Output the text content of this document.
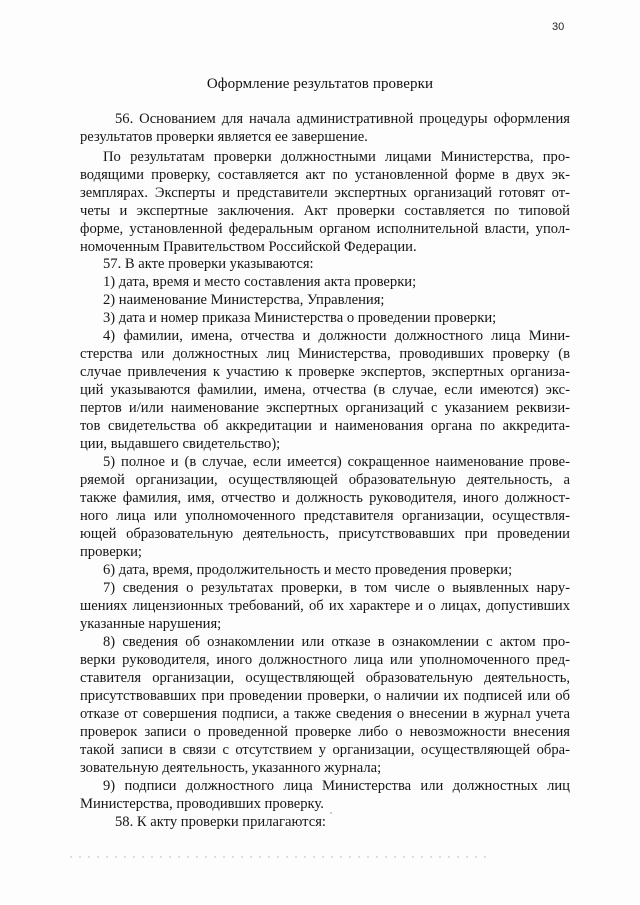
30
Оформление результатов проверки
56. Основанием для начала административной процедуры оформления
результатов проверки является ее завершение.
По результатам проверки должностными лицами Министерства, про-
водящими проверку, составляется акт по установленной форме в двух эк-
земплярах. Эксперты и представители экспертных организаций готовят от-
четы и экспертные заключения. Акт проверки составляется по типовой
форме, установленной федеральным органом исполнительной власти, упол-
номоченным Правительством Российской Федерации.
57. В акте проверки указываются:
1) дата, время и место составления акта проверки;
2) наименование Министерства, Управления;
3) дата и номер приказа Министерства о проведении проверки;
4) фамилии, имена, отчества и должности должностного лица Мини-
стерства или должностных лиц Министерства, проводивших проверку (в
случае привлечения к участию к проверке экспертов, экспертных организа-
ций указываются фамилии, имена, отчества (в случае, если имеются) экс-
пертов и/или наименование экспертных организаций с указанием реквизи-
тов свидетельства об аккредитации и наименования органа по аккредита-
ции, выдавшего свидетельство);
5) полное и (в случае, если имеется) сокращенное наименование прове-
ряемой организации, осуществляющей образовательную деятельность, а
также фамилия, имя, отчество и должность руководителя, иного должност-
ного лица или уполномоченного представителя организации, осуществля-
ющей образовательную деятельность, присутствовавших при проведении
проверки;
6) дата, время, продолжительность и место проведения проверки;
7) сведения о результатах проверки, в том числе о выявленных нару-
шениях лицензионных требований, об их характере и о лицах, допустивших
указанные нарушения;
8) сведения об ознакомлении или отказе в ознакомлении с актом про-
верки руководителя, иного должностного лица или уполномоченного пред-
ставителя организации, осуществляющей образовательную деятельность,
присутствовавших при проведении проверки, о наличии их подписей или об
отказе от совершения подписи, а также сведения о внесении в журнал учета
проверок записи о проведенной проверке либо о невозможности внесения
такой записи в связи с отсутствием у организации, осуществляющей обра-
зовательную деятельность, указанного журнала;
9) подписи должностного лица Министерства или должностных лиц
Министерства, проводивших проверку.
58. К акту проверки прилагаются:
